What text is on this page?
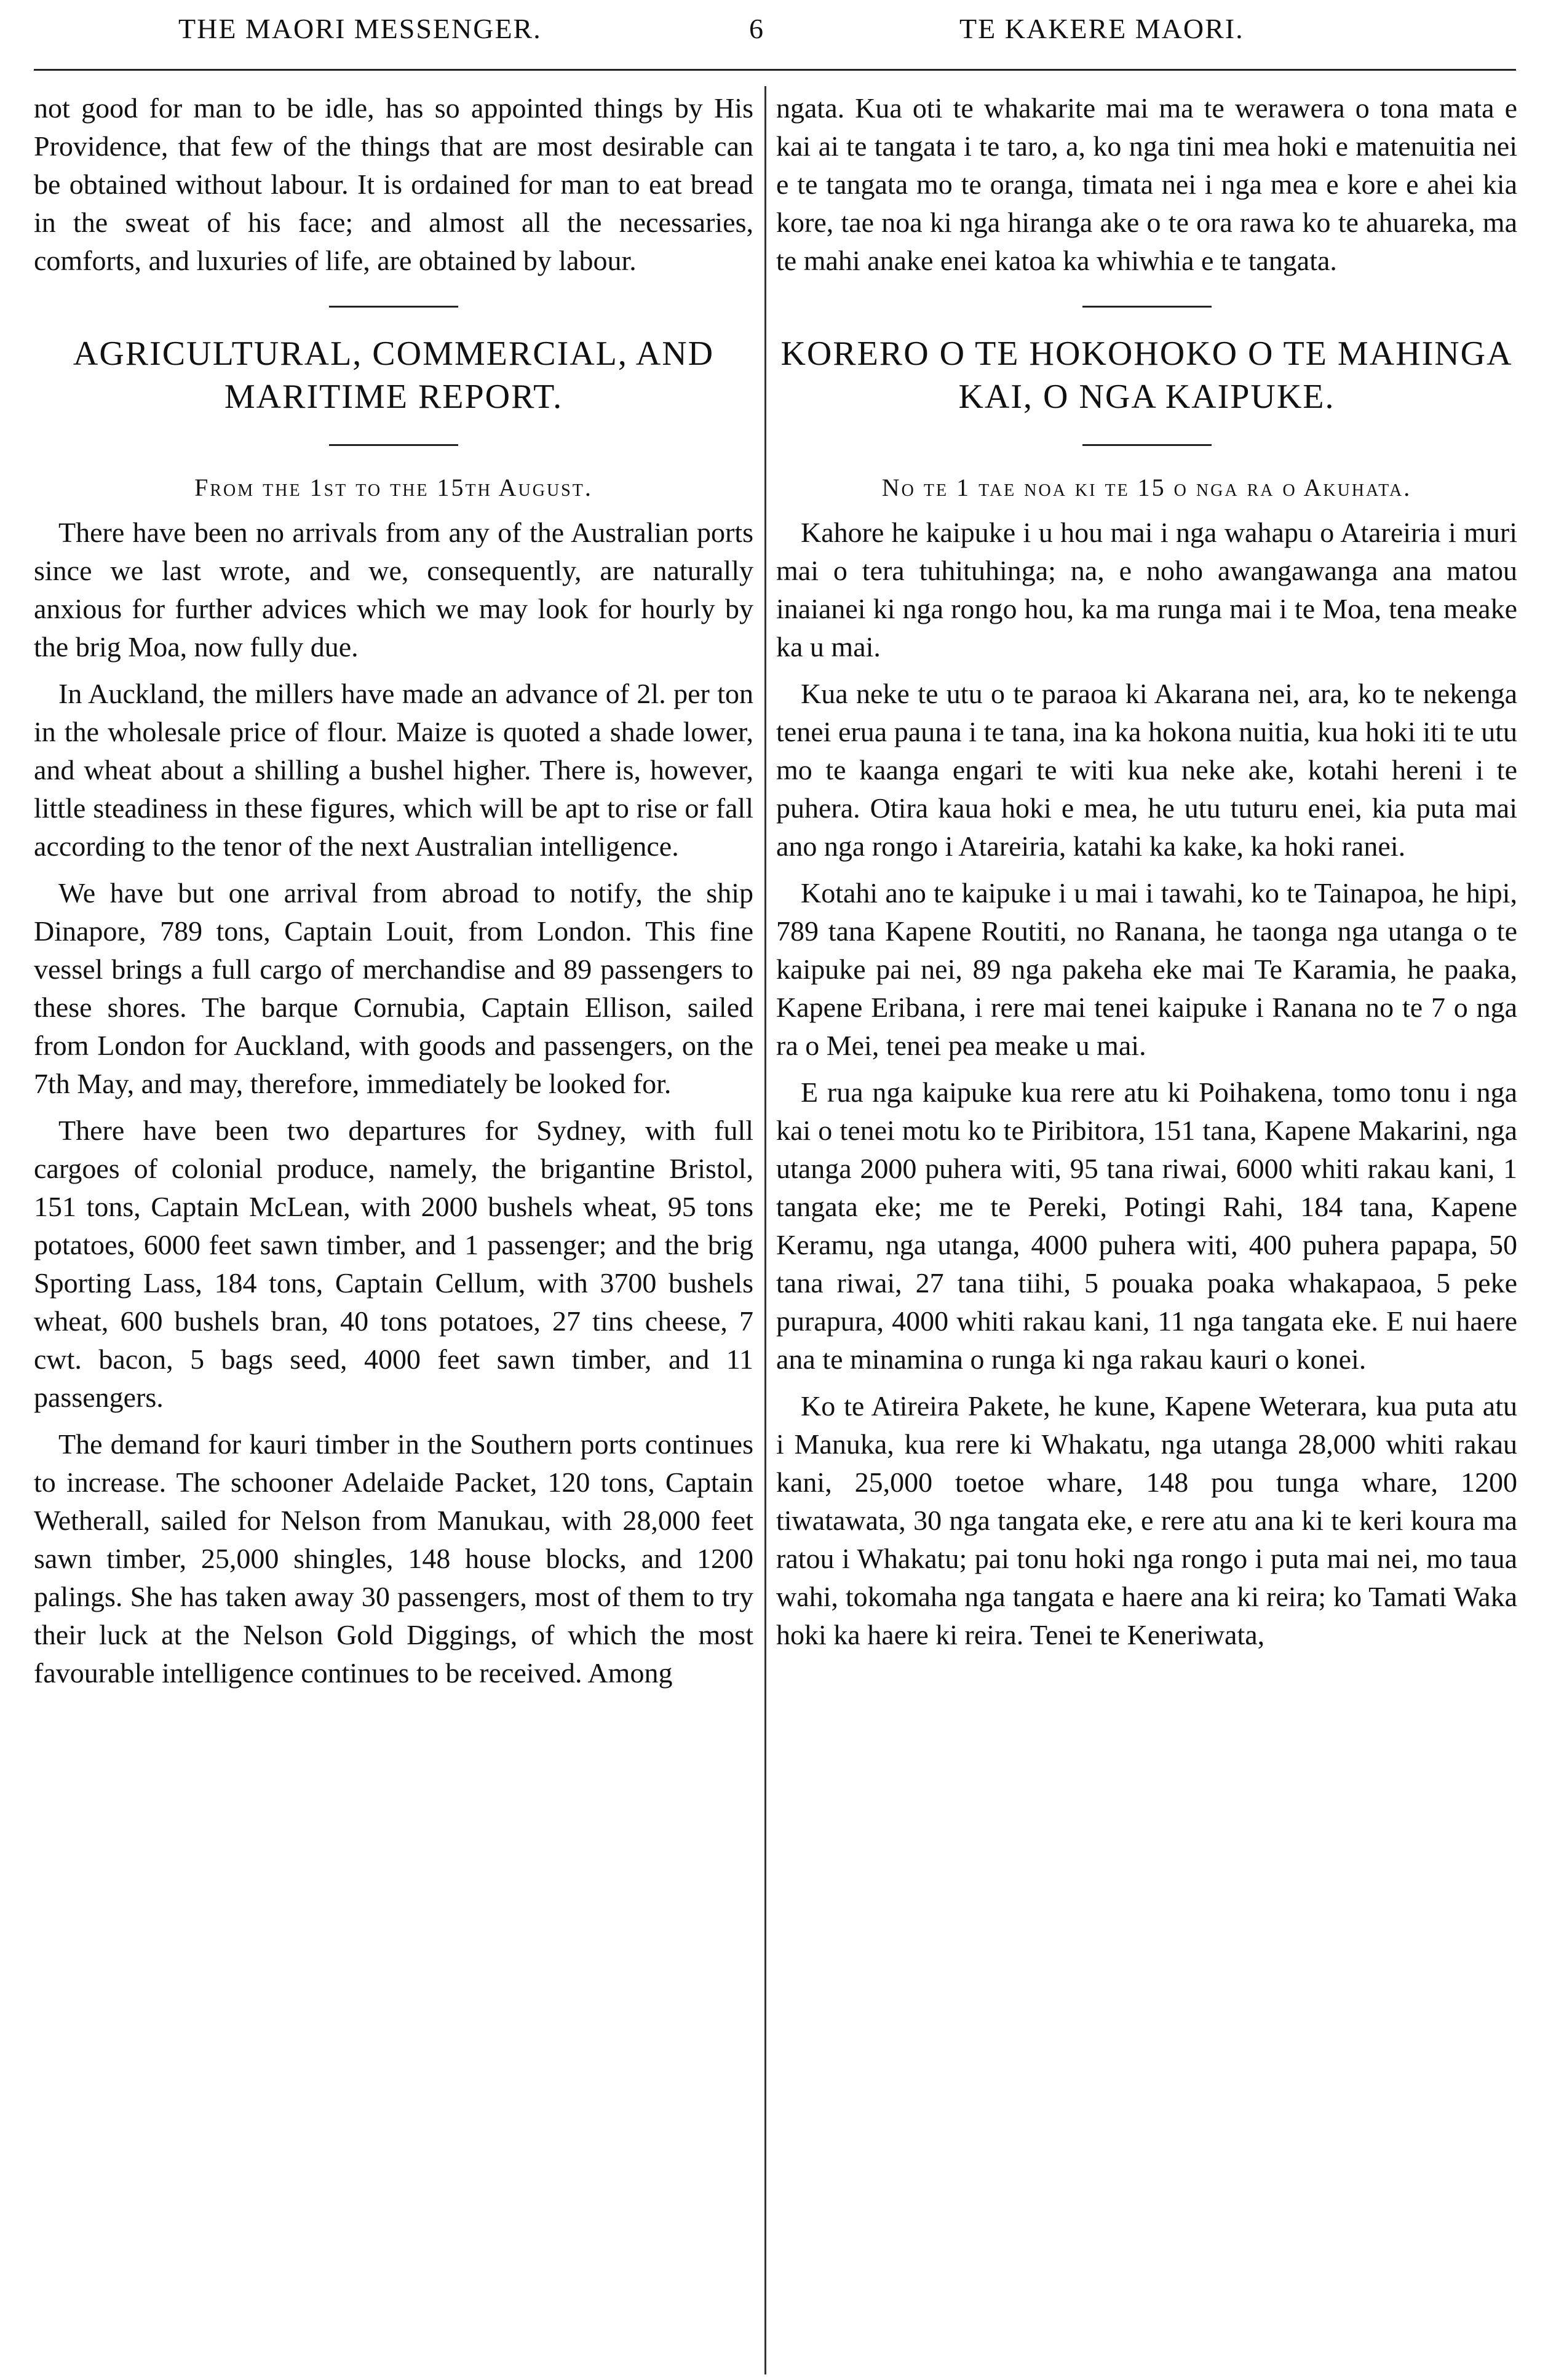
THE MAORI MESSENGER.	6	TE KAKERE MAORI.

not good for man to be idle, has so appointed things by His Providence, that few of the things that are most desirable can be obtained without labour. It is ordained for man to eat bread in the sweat of his face; and almost all the necessaries, comforts, and luxuries of life, are obtained by labour.

AGRICULTURAL, COMMERCIAL, AND MARITIME REPORT.
From the 1st to the 15th August.

There have been no arrivals from any of the Australian ports since we last wrote, and we, consequently, are naturally anxious for further advices which we may look for hourly by the brig Moa, now fully due.

In Auckland, the millers have made an advance of 2l. per ton in the wholesale price of flour. Maize is quoted a shade lower, and wheat about a shilling a bushel higher. There is, however, little steadiness in these figures, which will be apt to rise or fall according to the tenor of the next Australian intelligence.

We have but one arrival from abroad to notify, the ship Dinapore, 789 tons, Captain Louit, from London. This fine vessel brings a full cargo of merchandise and 89 passengers to these shores. The barque Cornubia, Captain Ellison, sailed from London for Auckland, with goods and passengers, on the 7th May, and may, therefore, immediately be looked for.

There have been two departures for Sydney, with full cargoes of colonial produce, namely, the brigantine Bristol, 151 tons, Captain McLean, with 2000 bushels wheat, 95 tons potatoes, 6000 feet sawn timber, and 1 passenger; and the brig Sporting Lass, 184 tons, Captain Cellum, with 3700 bushels wheat, 600 bushels bran, 40 tons potatoes, 27 tins cheese, 7 cwt. bacon, 5 bags seed, 4000 feet sawn timber, and 11 passengers.

The demand for kauri timber in the Southern ports continues to increase. The schooner Adelaide Packet, 120 tons, Captain Wetherall, sailed for Nelson from Manukau, with 28,000 feet sawn timber, 25,000 shingles, 148 house blocks, and 1200 palings. She has taken away 30 passengers, most of them to try their luck at the Nelson Gold Diggings, of which the most favourable intelligence continues to be received. Among

ngata. Kua oti te whakarite mai ma te werawera o tona mata e kai ai te tangata i te taro, a, ko nga tini mea hoki e matenuitia nei e te tangata mo te oranga, timata nei i nga mea e kore e ahei kia kore, tae noa ki nga hiranga ake o te ora rawa ko te ahuareka, ma te mahi anake enei katoa ka whiwhia e te tangata.

KORERO O TE HOKOHOKO O TE MAHINGA KAI, O NGA KAIPUKE.
No te 1 tae noa ki te 15 o nga ra o Akuhata.

Kahore he kaipuke i u hou mai i nga wahapu o Atareiria i muri mai o tera tuhituhinga; na, e noho awangawanga ana matou inaianei ki nga rongo hou, ka ma runga mai i te Moa, tena meake ka u mai.

Kua neke te utu o te paraoa ki Akarana nei, ara, ko te nekenga tenei erua pauna i te tana, ina ka hokona nuitia, kua hoki iti te utu mo te kaanga engari te witi kua neke ake, kotahi hereni i te puhera. Otira kaua hoki e mea, he utu tuturu enei, kia puta mai ano nga rongo i Atareiria, katahi ka kake, ka hoki ranei.

Kotahi ano te kaipuke i u mai i tawahi, ko te Tainapoa, he hipi, 789 tana Kapene Routiti, no Ranana, he taonga nga utanga o te kaipuke pai nei, 89 nga pakeha eke mai Te Karamia, he paaka, Kapene Eribana, i rere mai tenei kaipuke i Ranana no te 7 o nga ra o Mei, tenei pea meake u mai.

E rua nga kaipuke kua rere atu ki Poihakena, tomo tonu i nga kai o tenei motu ko te Piribitora, 151 tana, Kapene Makarini, nga utanga 2000 puhera witi, 95 tana riwai, 6000 whiti rakau kani, 1 tangata eke; me te Pereki, Potingi Rahi, 184 tana, Kapene Keramu, nga utanga, 4000 puhera witi, 400 puhera papapa, 50 tana riwai, 27 tana tiihi, 5 pouaka poaka whakapaoa, 5 peke purapura, 4000 whiti rakau kani, 11 nga tangata eke. E nui haere ana te minamina o runga ki nga rakau kauri o konei.

Ko te Atireira Pakete, he kune, Kapene Weterara, kua puta atu i Manuka, kua rere ki Whakatu, nga utanga 28,000 whiti rakau kani, 25,000 toetoe whare, 148 pou tunga whare, 1200 tiwatawata, 30 nga tangata eke, e rere atu ana ki te keri koura ma ratou i Whakatu; pai tonu hoki nga rongo i puta mai nei, mo taua wahi, tokomaha nga tangata e haere ana ki reira; ko Tamati Waka hoki ka haere ki reira. Tenei te Keneriwata,
